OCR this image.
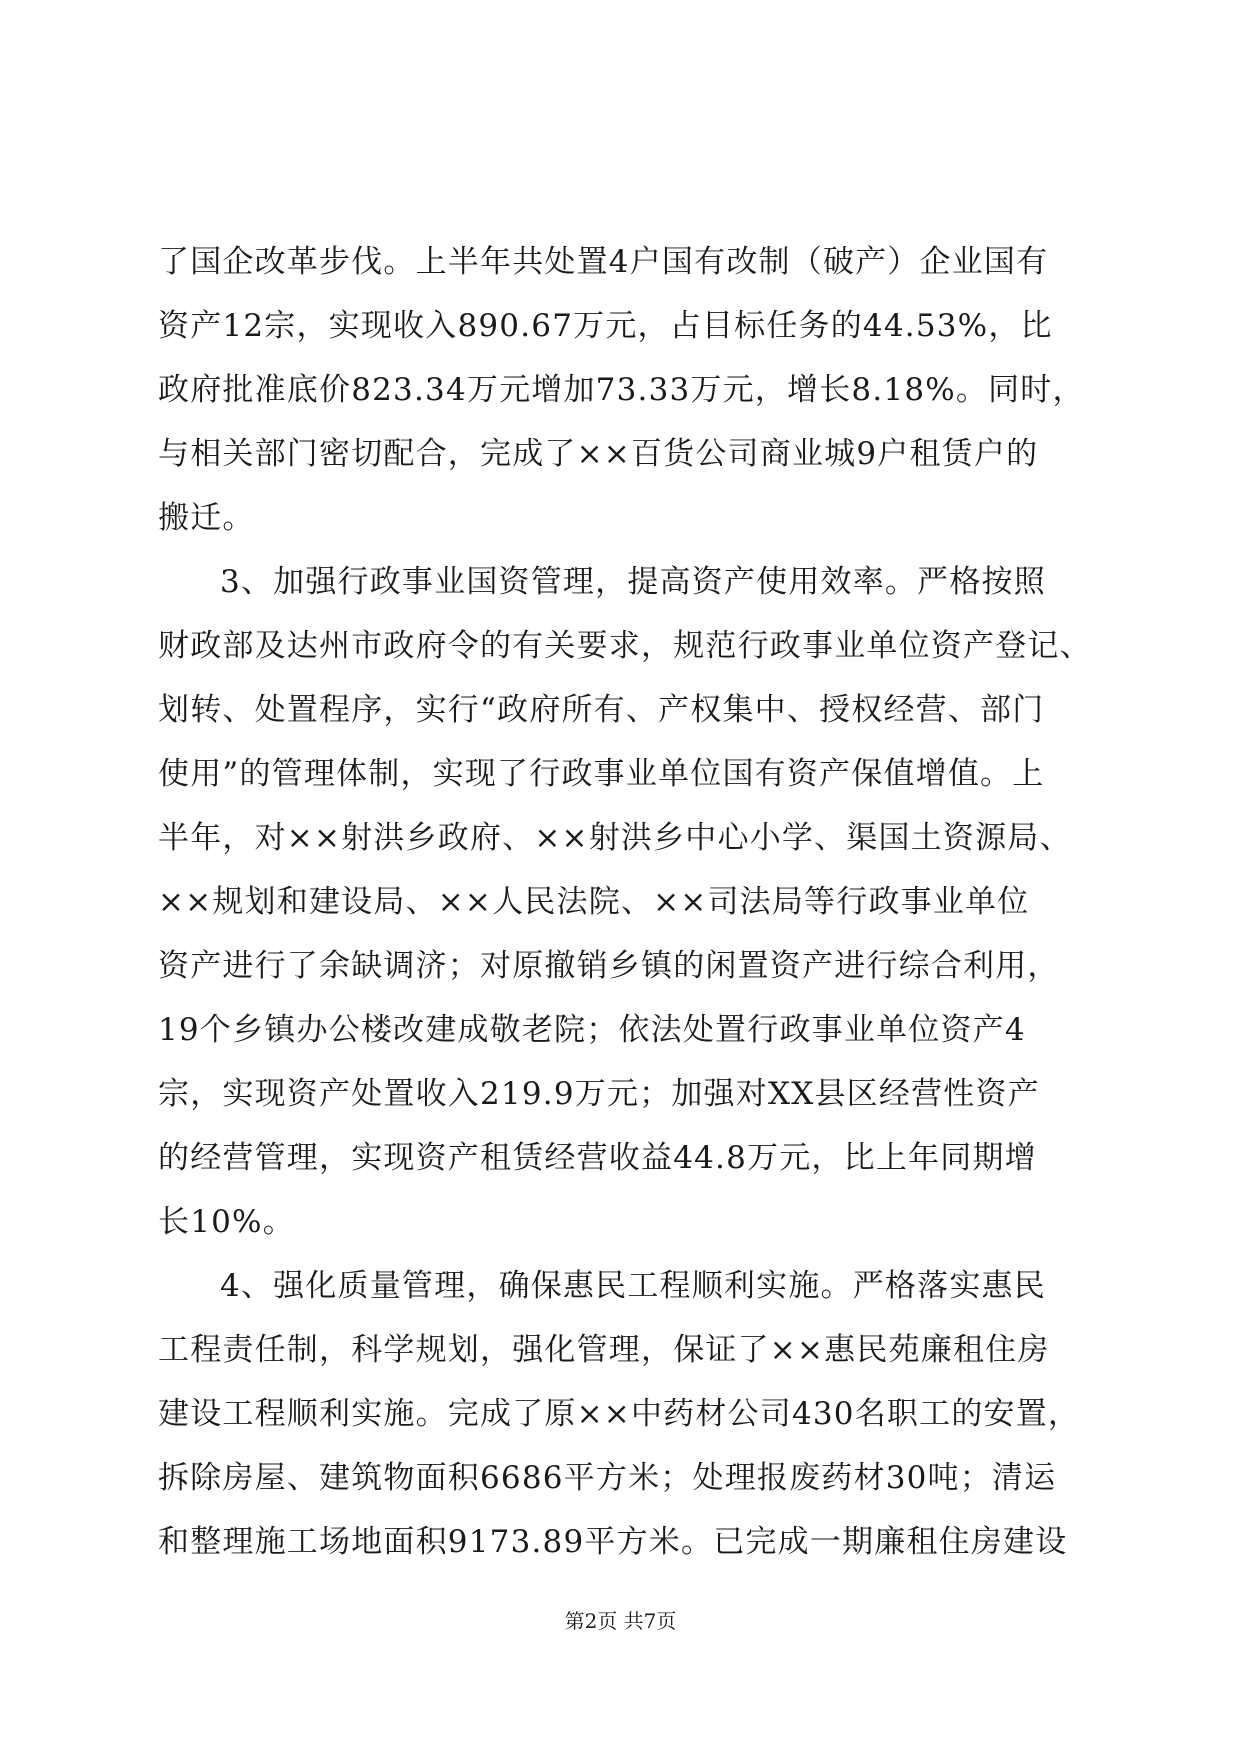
了国企改革步伐。上半年共处置4户国有改制（破产）企业国有
资产12宗，实现收入890.67万元，占目标任务的44.53%，比
政府批准底价823.34万元增加73.33万元，增长8.18%。同时，
与相关部门密切配合，完成了××百货公司商业城9户租赁户的
搬迁。
3、加强行政事业国资管理，提高资产使用效率。严格按照
财政部及达州市政府令的有关要求，规范行政事业单位资产登记、
划转、处置程序，实行“政府所有、产权集中、授权经营、部门
使用”的管理体制，实现了行政事业单位国有资产保值增值。上
半年，对××射洪乡政府、××射洪乡中心小学、渠国土资源局、
××规划和建设局、××人民法院、××司法局等行政事业单位
资产进行了余缺调济；对原撤销乡镇的闲置资产进行综合利用，
19个乡镇办公楼改建成敬老院；依法处置行政事业单位资产4
宗，实现资产处置收入219.9万元；加强对XX县区经营性资产
的经营管理，实现资产租赁经营收益44.8万元，比上年同期增
长10%。
4、强化质量管理，确保惠民工程顺利实施。严格落实惠民
工程责任制，科学规划，强化管理，保证了××惠民苑廉租住房
建设工程顺利实施。完成了原××中药材公司430名职工的安置，
拆除房屋、建筑物面积6686平方米；处理报废药材30吨；清运
和整理施工场地面积9173.89平方米。已完成一期廉租住房建设
第2页 共7页
